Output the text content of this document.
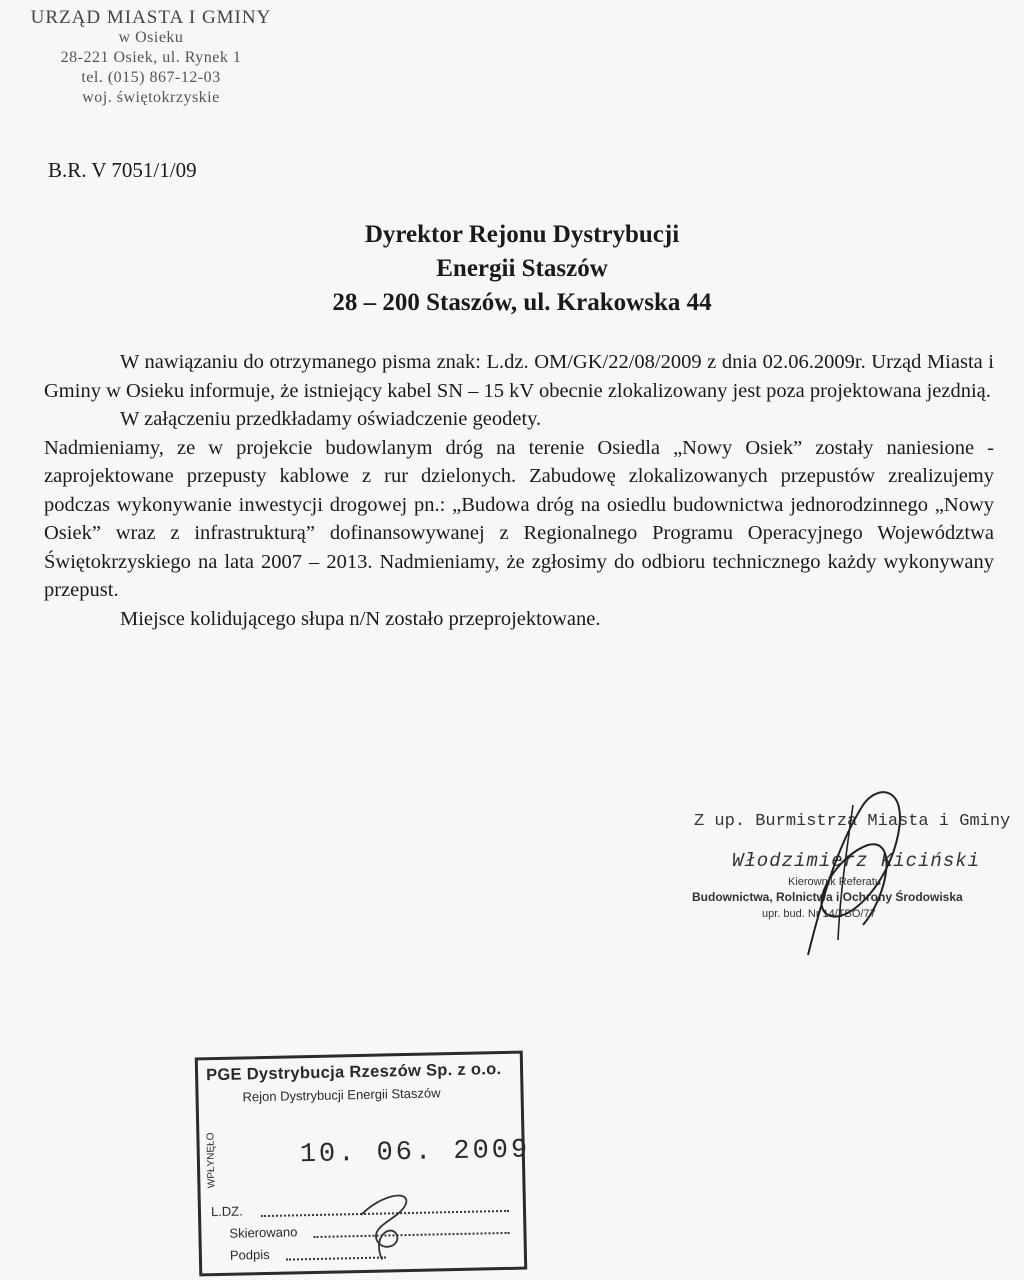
URZĄD MIASTA I GMINY
w Osieku
28-221 Osiek, ul. Rynek 1
tel. (015) 867-12-03
woj. świętokrzyskie
B.R. V 7051/1/09
Dyrektor Rejonu Dystrybucji
Energii Staszów
28 – 200 Staszów, ul. Krakowska 44

W nawiązaniu do otrzymanego pisma znak: L.dz. OM/GK/22/08/2009 z dnia 02.06.2009r. Urząd Miasta i Gminy w Osieku informuje, że istniejący kabel SN – 15 kV obecnie zlokalizowany jest poza projektowana jezdnią.

W załączeniu przedkładamy oświadczenie geodety.

Nadmieniamy, ze w projekcie budowlanym dróg na terenie Osiedla „Nowy Osiek” zostały naniesione - zaprojektowane przepusty kablowe z rur dzielonych. Zabudowę zlokalizowanych przepustów zrealizujemy podczas wykonywanie inwestycji drogowej pn.: „Budowa dróg na osiedlu budownictwa jednorodzinnego „Nowy Osiek” wraz z infrastrukturą” dofinansowywanej z Regionalnego Programu Operacyjnego Województwa Świętokrzyskiego na lata 2007 – 2013. Nadmieniamy, że zgłosimy do odbioru technicznego każdy wykonywany przepust.

Miejsce kolidującego słupa n/N zostało przeprojektowane.

Z up. Burmistrza Miasta i Gminy
Włodzimierz Kiciński
Kierownik Referatu
Budownictwa, Rolnictwa i Ochrony Środowiska
upr. bud. Nr 14/TBO/77
PGE Dystrybucja Rzeszów Sp. z o.o.
Rejon Dystrybucji Energii Staszów
WPŁYNĘŁO	10. 06. 2009
L.DZ.
Skierowano
Podpis
